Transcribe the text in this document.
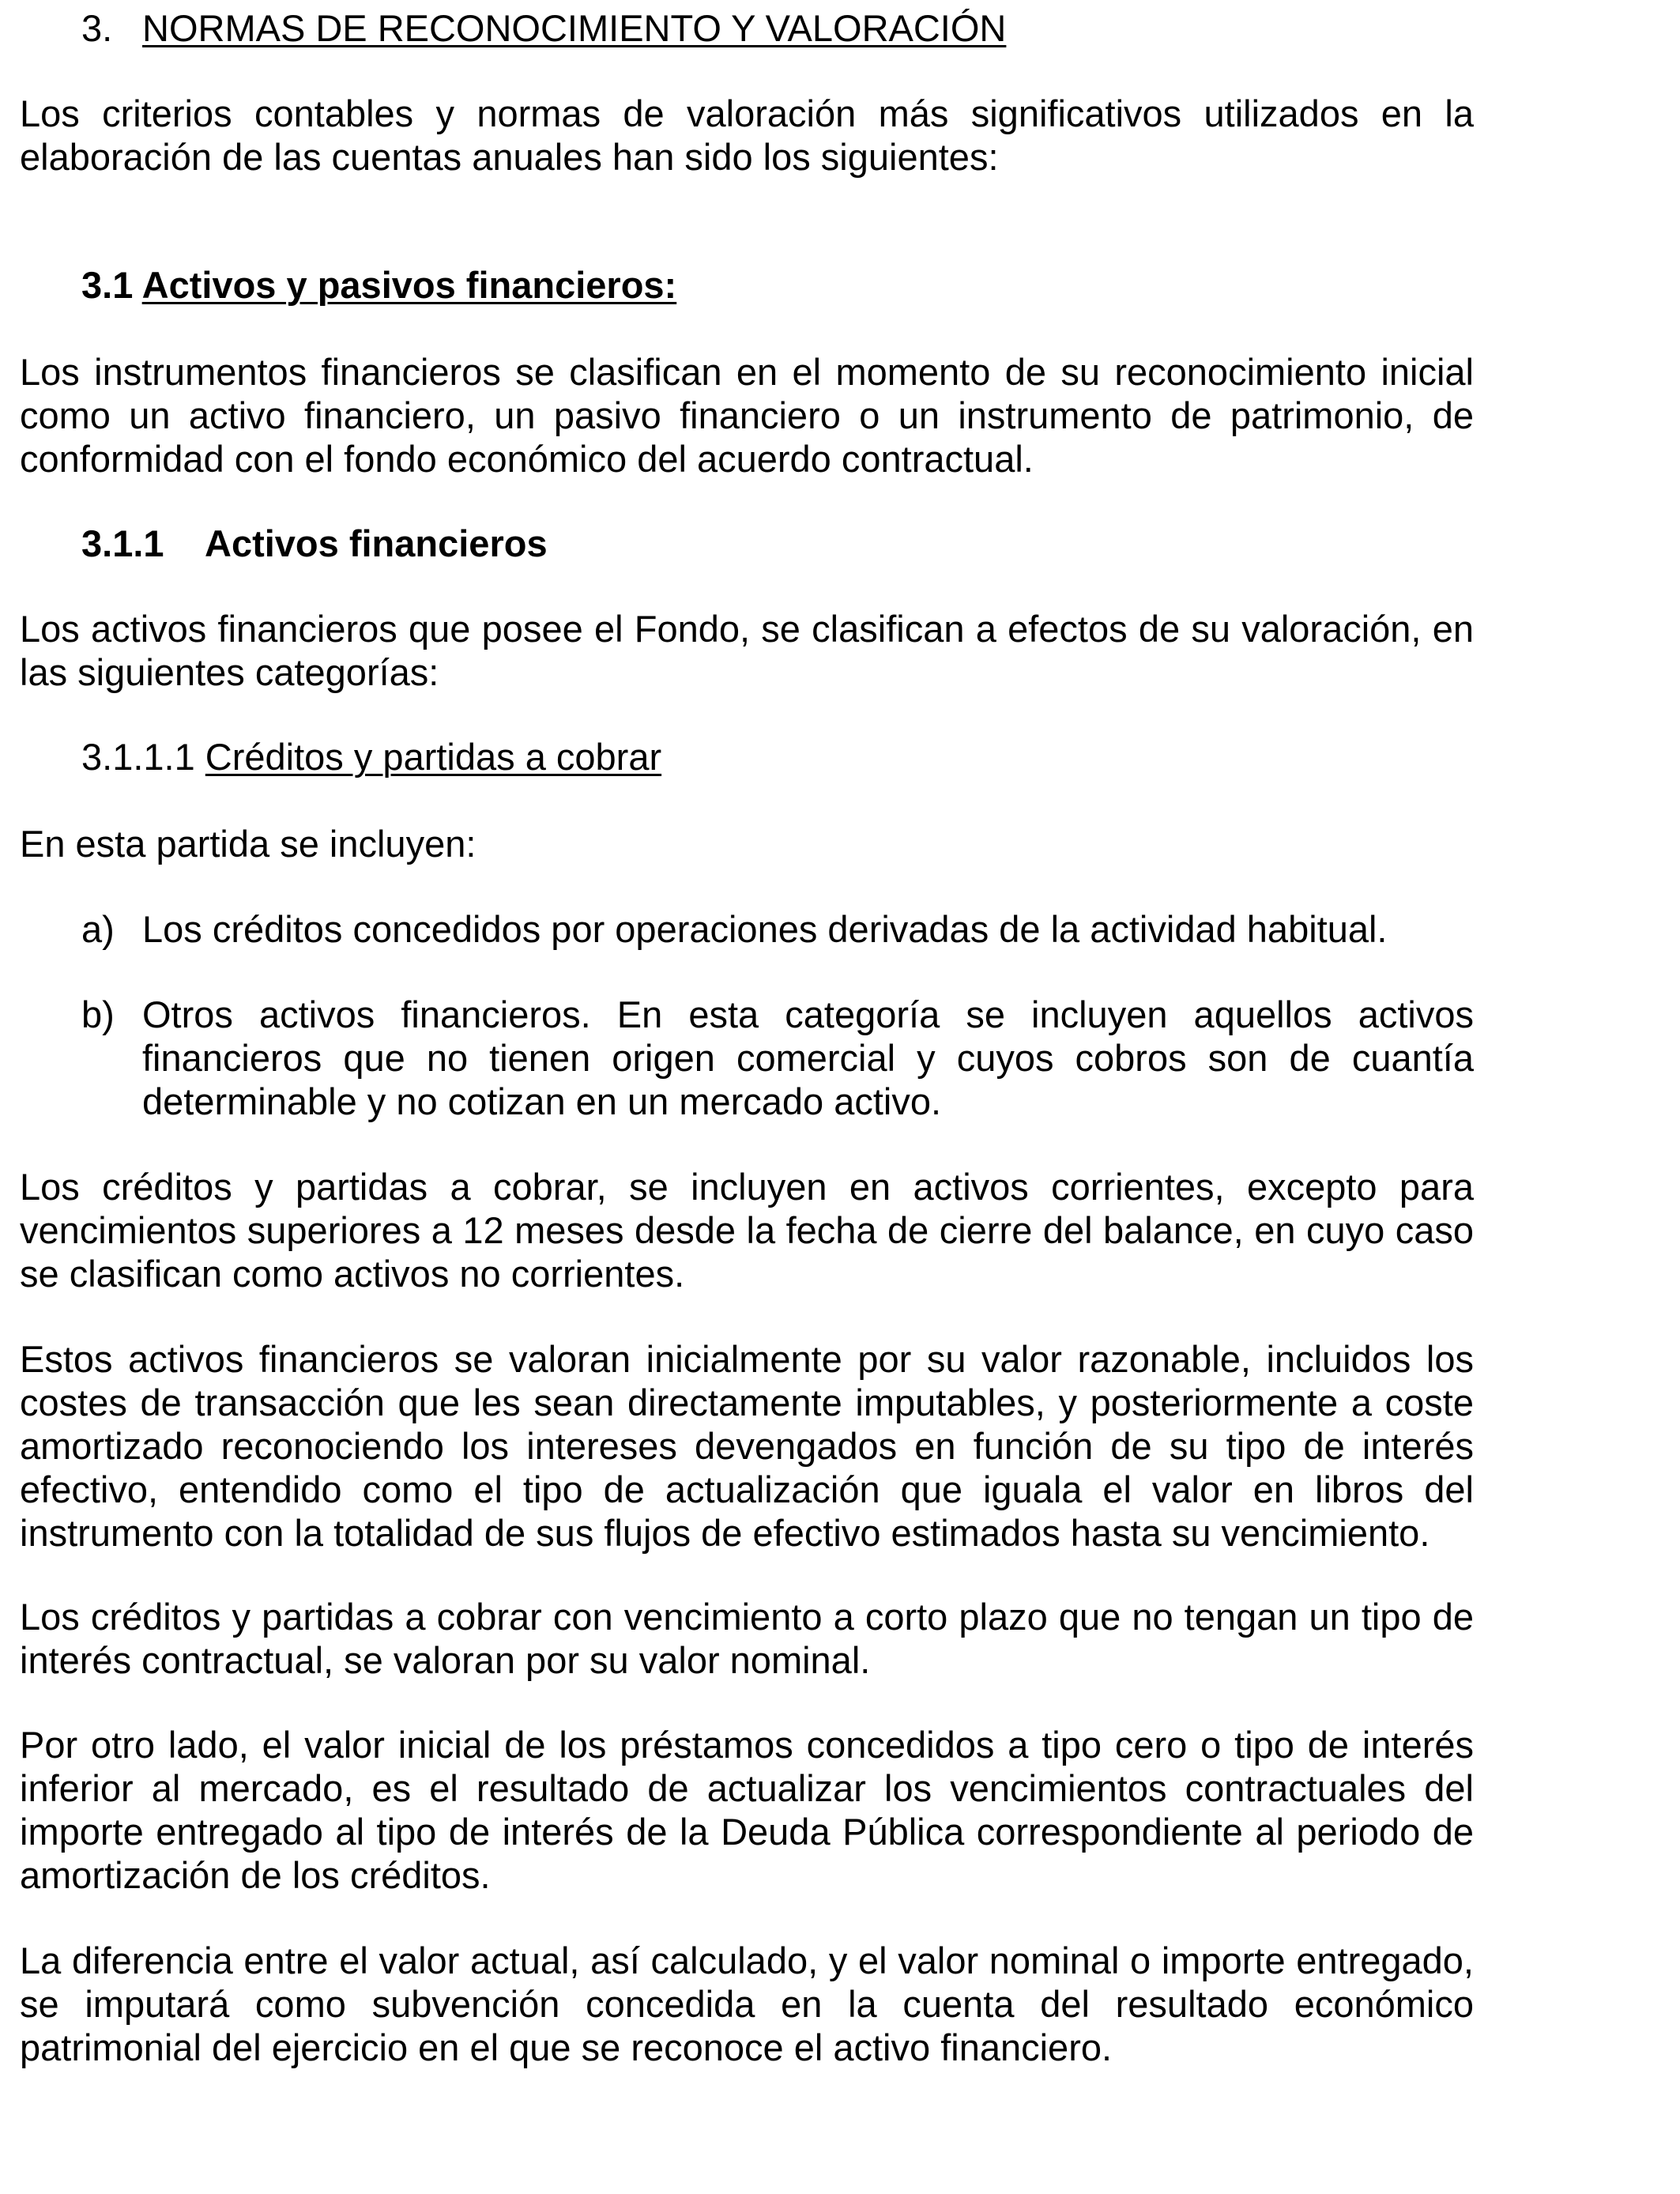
3. NORMAS DE RECONOCIMIENTO Y VALORACIÓN

Los criterios contables y normas de valoración más significativos utilizados en la elaboración de las cuentas anuales han sido los siguientes:

3.1 Activos y pasivos financieros:

Los instrumentos financieros se clasifican en el momento de su reconocimiento inicial como un activo financiero, un pasivo financiero o un instrumento de patrimonio, de conformidad con el fondo económico del acuerdo contractual.

3.1.1 Activos financieros

Los activos financieros que posee el Fondo, se clasifican a efectos de su valoración, en las siguientes categorías:

3.1.1.1 Créditos y partidas a cobrar

En esta partida se incluyen:

a) Los créditos concedidos por operaciones derivadas de la actividad habitual.
b) Otros activos financieros. En esta categoría se incluyen aquellos activos financieros que no tienen origen comercial y cuyos cobros son de cuantía determinable y no cotizan en un mercado activo.

Los créditos y partidas a cobrar, se incluyen en activos corrientes, excepto para vencimientos superiores a 12 meses desde la fecha de cierre del balance, en cuyo caso se clasifican como activos no corrientes.

Estos activos financieros se valoran inicialmente por su valor razonable, incluidos los costes de transacción que les sean directamente imputables, y posteriormente a coste amortizado reconociendo los intereses devengados en función de su tipo de interés efectivo, entendido como el tipo de actualización que iguala el valor en libros del instrumento con la totalidad de sus flujos de efectivo estimados hasta su vencimiento.

Los créditos y partidas a cobrar con vencimiento a corto plazo que no tengan un tipo de interés contractual, se valoran por su valor nominal.

Por otro lado, el valor inicial de los préstamos concedidos a tipo cero o tipo de interés inferior al mercado, es el resultado de actualizar los vencimientos contractuales del importe entregado al tipo de interés de la Deuda Pública correspondiente al periodo de amortización de los créditos.

La diferencia entre el valor actual, así calculado, y el valor nominal o importe entregado, se imputará como subvención concedida en la cuenta del resultado económico patrimonial del ejercicio en el que se reconoce el activo financiero.
